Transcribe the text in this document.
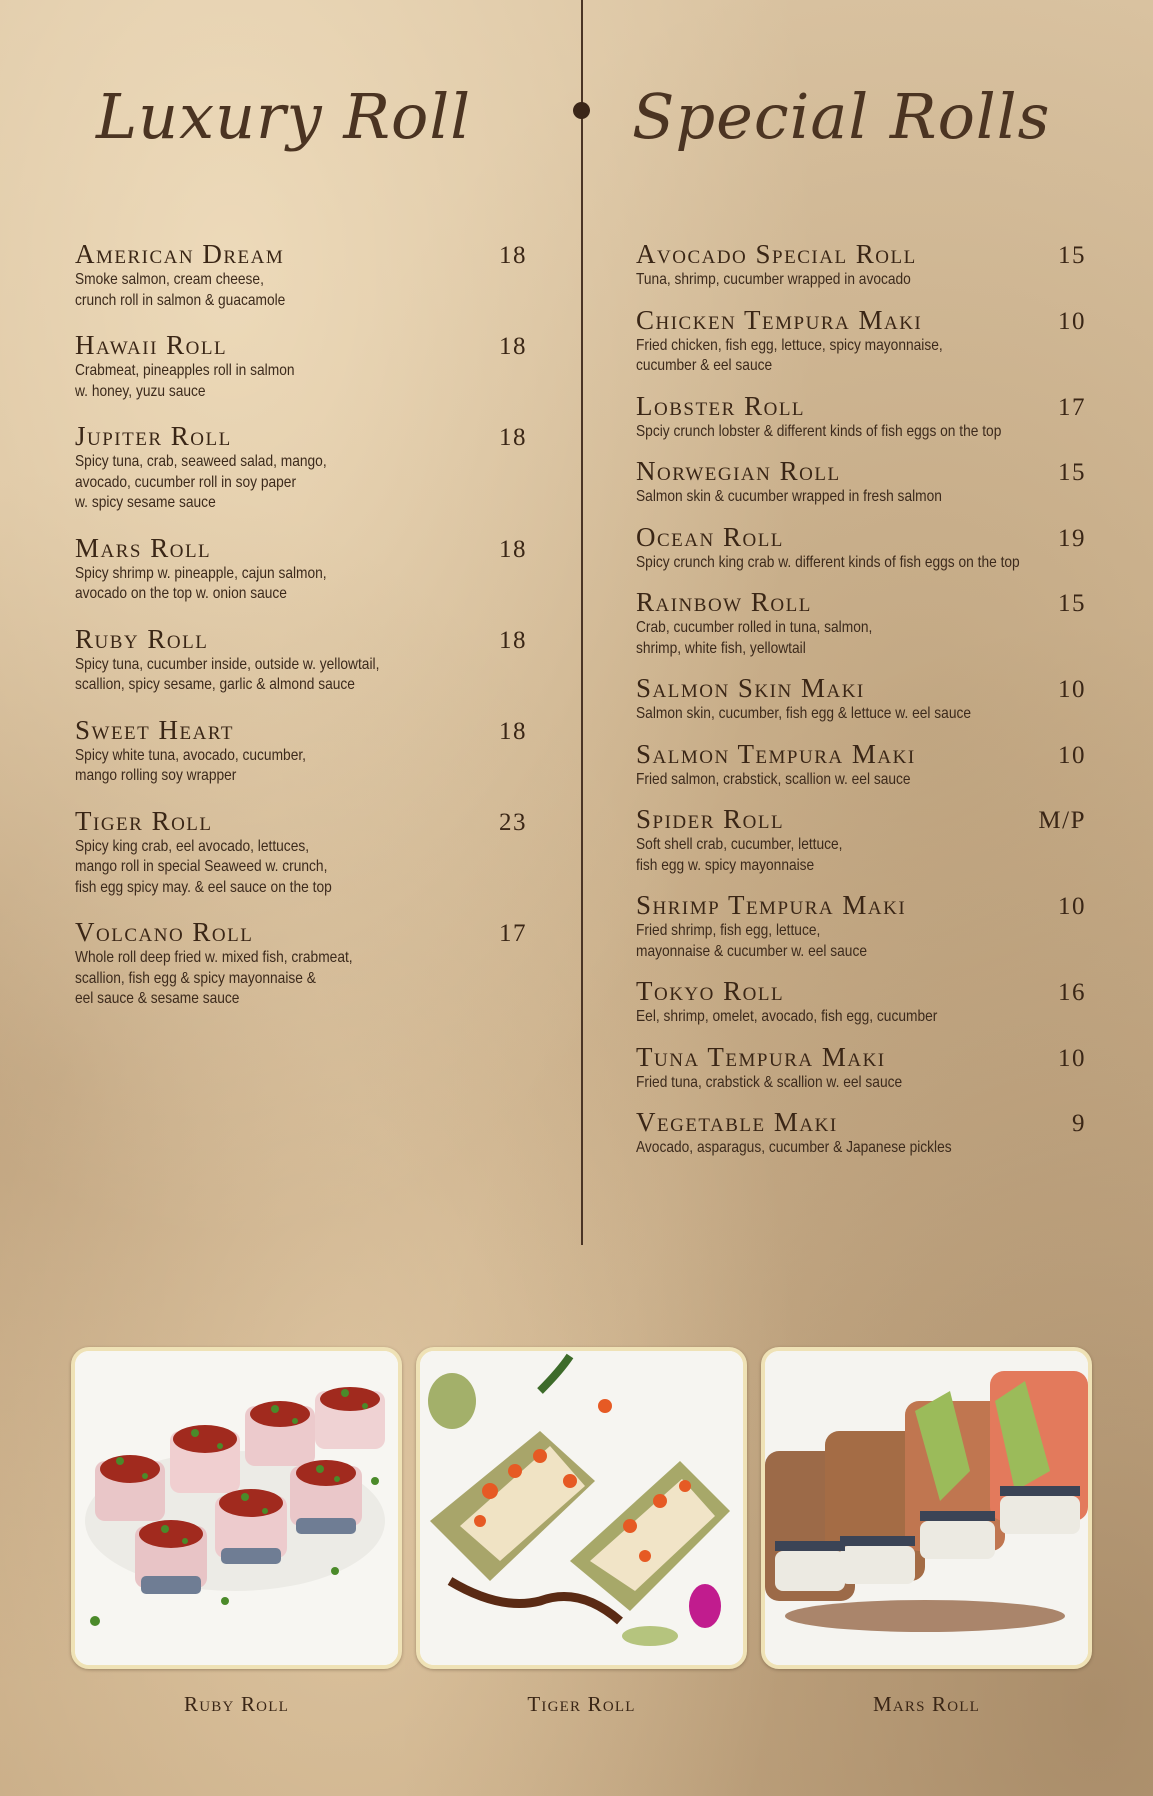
Luxury Roll	Special Rolls
American Dream	18
Smoke salmon, cream cheese,
crunch roll in salmon & guacamole
Hawaii Roll	18
Crabmeat, pineapples roll in salmon
w. honey, yuzu sauce
Jupiter Roll	18
Spicy tuna, crab, seaweed salad, mango,
avocado, cucumber roll in soy paper
w. spicy sesame sauce
Mars Roll	18
Spicy shrimp w. pineapple, cajun salmon,
avocado on the top w. onion sauce
Ruby Roll	18
Spicy tuna, cucumber inside, outside w. yellowtail,
scallion, spicy sesame, garlic & almond sauce
Sweet Heart	18
Spicy white tuna, avocado, cucumber,
mango rolling soy wrapper
Tiger Roll	23
Spicy king crab, eel avocado, lettuces,
mango roll in special Seaweed w. crunch,
fish egg spicy may. & eel sauce on the top
Volcano Roll	17
Whole roll deep fried w. mixed fish, crabmeat,
scallion, fish egg & spicy mayonnaise &
eel sauce & sesame sauce
Avocado Special Roll	15
Tuna, shrimp, cucumber wrapped in avocado
Chicken Tempura Maki	10
Fried chicken, fish egg, lettuce, spicy mayonnaise,
cucumber & eel sauce
Lobster Roll	17
Spciy crunch lobster & different kinds of fish eggs on the top
Norwegian Roll	15
Salmon skin & cucumber wrapped in fresh salmon
Ocean Roll	19
Spicy crunch king crab w. different kinds of fish eggs on the top
Rainbow Roll	15
Crab, cucumber rolled in tuna, salmon,
shrimp, white fish, yellowtail
Salmon Skin Maki	10
Salmon skin, cucumber, fish egg & lettuce w. eel sauce
Salmon Tempura Maki	10
Fried salmon, crabstick, scallion w. eel sauce
Spider Roll	M/P
Soft shell crab, cucumber, lettuce,
fish egg w. spicy mayonnaise
Shrimp Tempura Maki	10
Fried shrimp, fish egg, lettuce,
mayonnaise & cucumber w. eel sauce
Tokyo Roll	16
Eel, shrimp, omelet, avocado, fish egg, cucumber
Tuna Tempura Maki	10
Fried tuna, crabstick & scallion w. eel sauce
Vegetable Maki	9
Avocado, asparagus, cucumber & Japanese pickles
Ruby Roll	Tiger Roll	Mars Roll
